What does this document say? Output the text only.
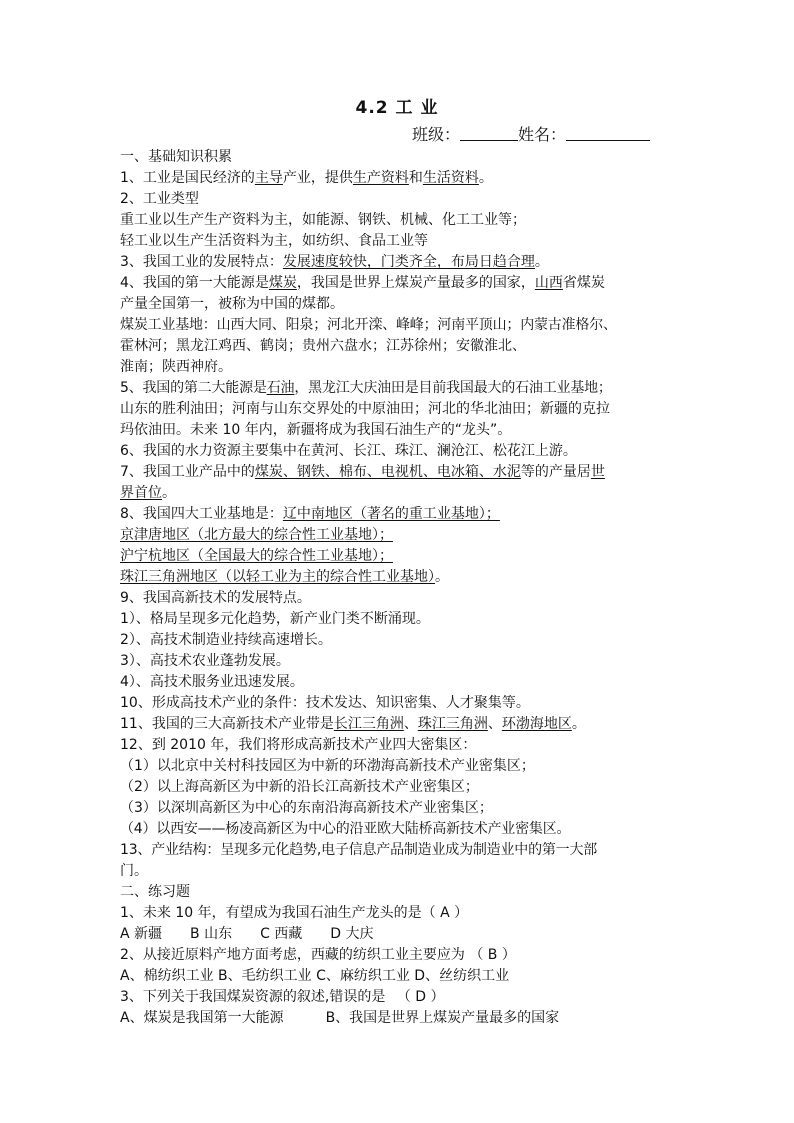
4.2 工 业
班级：	姓名：

一、基础知识积累

1、工业是国民经济的主导产业，提供生产资料和生活资料。

2、工业类型

重工业以生产生产资料为主，如能源、钢铁、机械、化工工业等；

轻工业以生产生活资料为主，如纺织、食品工业等

3、我国工业的发展特点：发展速度较快，门类齐全，布局日趋合理。

4、我国的第一大能源是煤炭，我国是世界上煤炭产量最多的国家，山西省煤炭

产量全国第一，被称为中国的煤都。

煤炭工业基地：山西大同、阳泉；河北开滦、峰峰；河南平顶山；内蒙古准格尔、

霍林河；黑龙江鸡西、鹤岗；贵州六盘水；江苏徐州；安徽淮北、

淮南；陕西神府。

5、我国的第二大能源是石油，黑龙江大庆油田是目前我国最大的石油工业基地；

山东的胜利油田；河南与山东交界处的中原油田；河北的华北油田；新疆的克拉

玛依油田。未来 10 年内，新疆将成为我国石油生产的“龙头”。

6、我国的水力资源主要集中在黄河、长江、珠江、澜沧江、松花江上游。

7、我国工业产品中的煤炭、钢铁、棉布、电视机、电冰箱、水泥等的产量居世

界首位。

8、我国四大工业基地是：辽中南地区（著名的重工业基地）；

京津唐地区（北方最大的综合性工业基地）；

沪宁杭地区（全国最大的综合性工业基地）；

珠江三角洲地区（以轻工业为主的综合性工业基地）。

9、我国高新技术的发展特点。

1）、格局呈现多元化趋势，新产业门类不断涌现。

2）、高技术制造业持续高速增长。

3）、高技术农业蓬勃发展。

4）、高技术服务业迅速发展。

10、形成高技术产业的条件：技术发达、知识密集、人才聚集等。

11、我国的三大高新技术产业带是长江三角洲、珠江三角洲、环渤海地区。

12、到 2010 年，我们将形成高新技术产业四大密集区：

（1）以北京中关村科技园区为中新的环渤海高新技术产业密集区；

（2）以上海高新区为中新的沿长江高新技术产业密集区；

（3）以深圳高新区为中心的东南沿海高新技术产业密集区；

（4）以西安——杨凌高新区为中心的沿亚欧大陆桥高新技术产业密集区。

13、产业结构：呈现多元化趋势,电子信息产品制造业成为制造业中的第一大部

门。

二、练习题

1、未来 10 年，有望成为我国石油生产龙头的是（ A ）

A 新疆　　B 山东　　C 西藏　　D 大庆

2、从接近原料产地方面考虑，西藏的纺织工业主要应为 （ B ）

A、棉纺织工业 B、毛纺织工业 C、麻纺织工业 D、丝纺织工业

3、下列关于我国煤炭资源的叙述,错误的是 　（ D ）

A、煤炭是我国第一大能源　　　B、我国是世界上煤炭产量最多的国家
